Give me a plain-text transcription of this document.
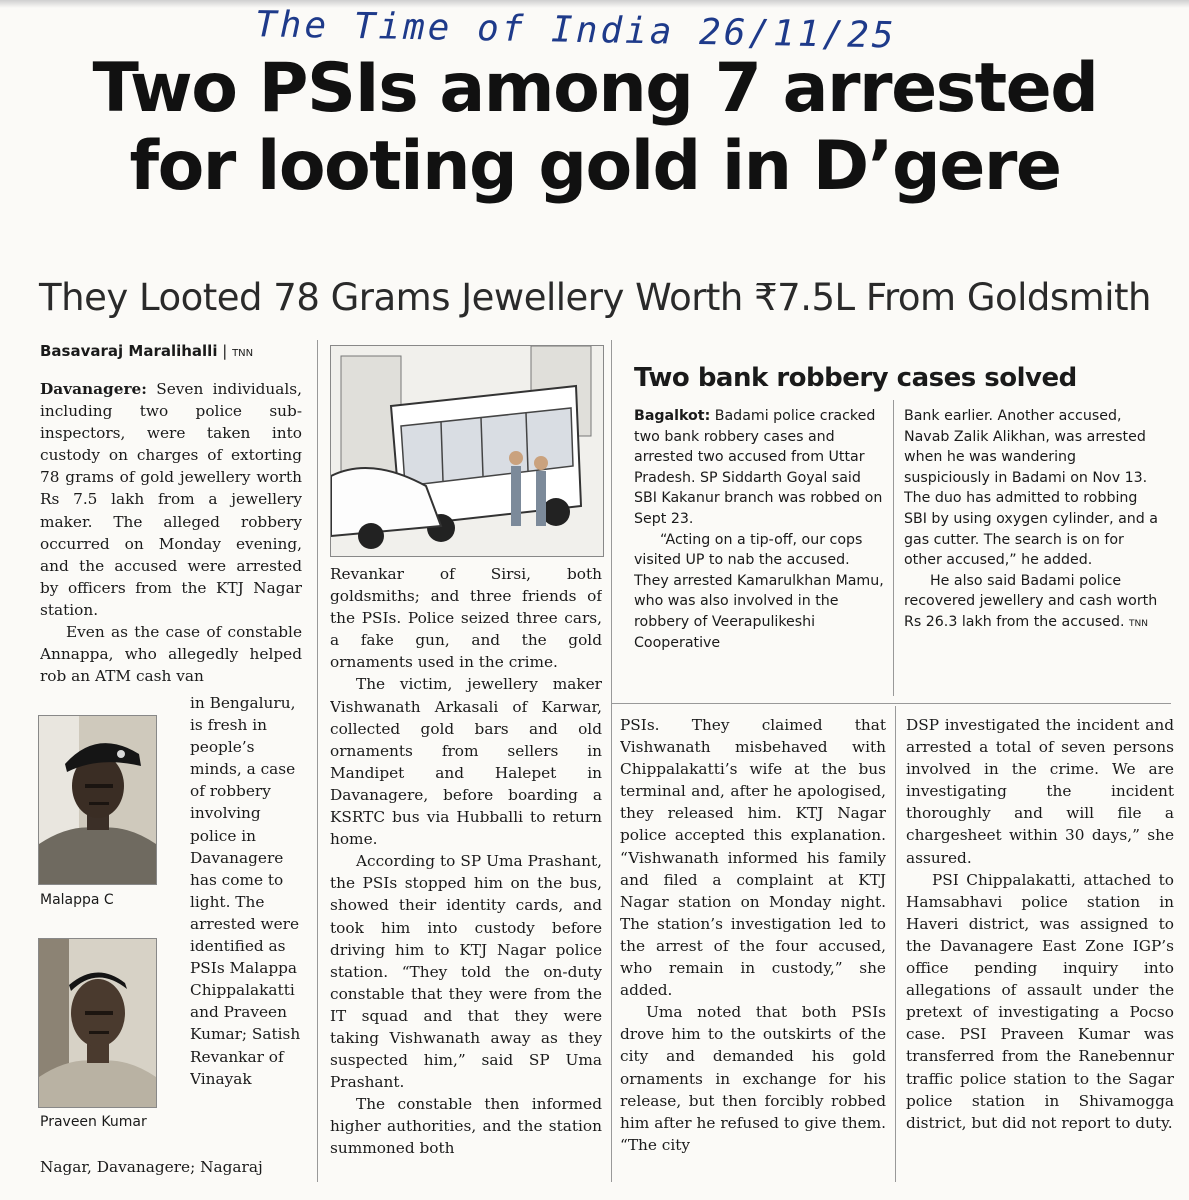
The Time of India 26/11/25
Two PSIs among 7 arrested
for looting gold in D’gere
They Looted 78 Grams Jewellery Worth ₹7.5L From Goldsmith
Basavaraj Maralihalli | TNN

Davanagere: Seven individuals, including two police sub-inspectors, were taken into custody on charges of extorting 78 grams of gold jewellery worth Rs 7.5 lakh from a jewellery maker. The alleged robbery occurred on Monday evening, and the accused were arrested by officers from the KTJ Nagar station.

Even as the case of constable Annappa, who allegedly helped rob an ATM cash van

Malappa C
Praveen Kumar

in Bengaluru, is fresh in people’s minds, a case of robbery involving police in Davanagere has come to light. The arrested were identified as PSIs Malappa Chippalakatti and Praveen Kumar; Satish Revankar of Vinayak

Nagar, Davanagere; Nagaraj

Revankar of Sirsi, both goldsmiths; and three friends of the PSIs. Police seized three cars, a fake gun, and the gold ornaments used in the crime.

The victim, jewellery maker Vishwanath Arkasali of Karwar, collected gold bars and old ornaments from sellers in Mandipet and Halepet in Davanagere, before boarding a KSRTC bus via Hubballi to return home.

According to SP Uma Prashant, the PSIs stopped him on the bus, showed their identity cards, and took him into custody before driving him to KTJ Nagar police station. “They told the on-duty constable that they were from the IT squad and that they were taking Vishwanath away as they suspected him,” said SP Uma Prashant.

The constable then informed higher authorities, and the station summoned both

Two bank robbery cases solved

Bagalkot: Badami police cracked two bank robbery cases and arrested two accused from Uttar Pradesh. SP Siddarth Goyal said SBI Kakanur branch was robbed on Sept 23.

“Acting on a tip-off, our cops visited UP to nab the accused. They arrested Kamarulkhan Mamu, who was also involved in the robbery of Veerapulikeshi Cooperative

Bank earlier. Another accused, Navab Zalik Alikhan, was arrested when he was wandering suspiciously in Badami on Nov 13. The duo has admitted to robbing SBI by using oxygen cylinder, and a gas cutter. The search is on for other accused,” he added.

He also said Badami police recovered jewellery and cash worth Rs 26.3 lakh from the accused. TNN

PSIs. They claimed that Vishwanath misbehaved with Chippalakatti’s wife at the bus terminal and, after he apologised, they released him. KTJ Nagar police accepted this explanation. “Vishwanath informed his family and filed a complaint at KTJ Nagar station on Monday night. The station’s investigation led to the arrest of the four accused, who remain in custody,” she added.

Uma noted that both PSIs drove him to the outskirts of the city and demanded his gold ornaments in exchange for his release, but then forcibly robbed him after he refused to give them. “The city

DSP investigated the incident and arrested a total of seven persons involved in the crime. We are investigating the incident thoroughly and will file a chargesheet within 30 days,” she assured.

PSI Chippalakatti, attached to Hamsabhavi police station in Haveri district, was assigned to the Davanagere East Zone IGP’s office pending inquiry into allegations of assault under the pretext of investigating a Pocso case. PSI Praveen Kumar was transferred from the Ranebennur traffic police station to the Sagar police station in Shivamogga district, but did not report to duty.
